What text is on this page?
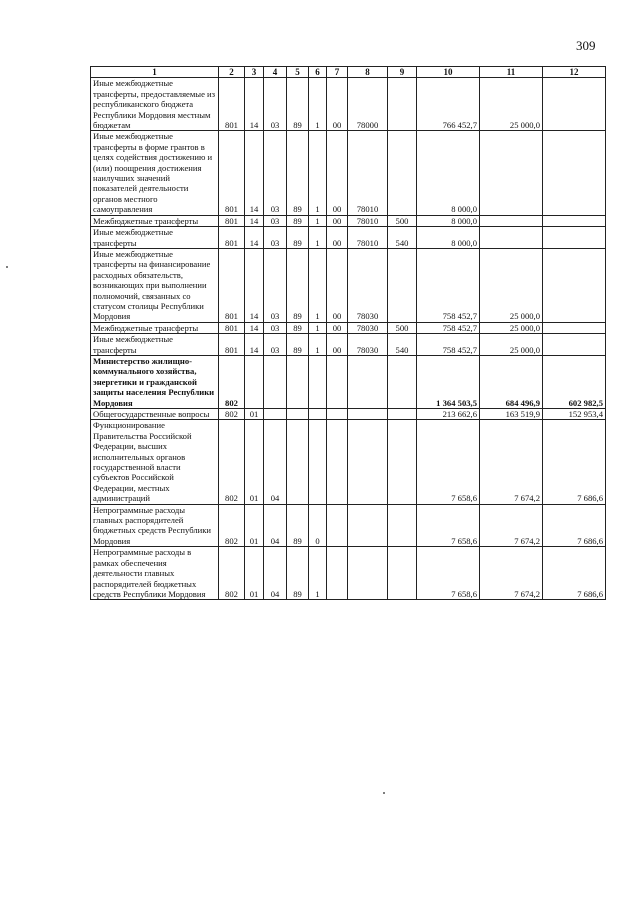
309
1	2	3	4	5	6	7	8	9	10	11	12
Иные межбюджетные трансферты, предоставляемые из республиканского бюджета Республики Мордовия местным бюджетам	801	14	03	89	1	00	78000		766 452,7	25 000,0	
Иные межбюджетные трансферты в форме грантов в целях содействия достижению и (или) поощрения достижения наилучших значений показателей деятельности органов местного самоуправления	801	14	03	89	1	00	78010		8 000,0		
Межбюджетные трансферты	801	14	03	89	1	00	78010	500	8 000,0		
Иные межбюджетные трансферты	801	14	03	89	1	00	78010	540	8 000,0		
Иные межбюджетные трансферты на финансирование расходных обязательств, возникающих при выполнении полномочий, связанных со статусом столицы Республики Мордовия	801	14	03	89	1	00	78030		758 452,7	25 000,0	
Межбюджетные трансферты	801	14	03	89	1	00	78030	500	758 452,7	25 000,0	
Иные межбюджетные трансферты	801	14	03	89	1	00	78030	540	758 452,7	25 000,0	
Министерство жилищно-коммунального хозяйства, энергетики и гражданской защиты населения Республики Мордовия	802								1 364 503,5	684 496,9	602 982,5
Общегосударственные вопросы	802	01							213 662,6	163 519,9	152 953,4
Функционирование Правительства Российской Федерации, высших исполнительных органов государственной власти субъектов Российской Федерации, местных администраций	802	01	04						7 658,6	7 674,2	7 686,6
Непрограммные расходы главных распорядителей бюджетных средств Республики Мордовия	802	01	04	89	0				7 658,6	7 674,2	7 686,6
Непрограммные расходы в рамках обеспечения деятельности главных распорядителей бюджетных средств Республики Мордовия	802	01	04	89	1				7 658,6	7 674,2	7 686,6
